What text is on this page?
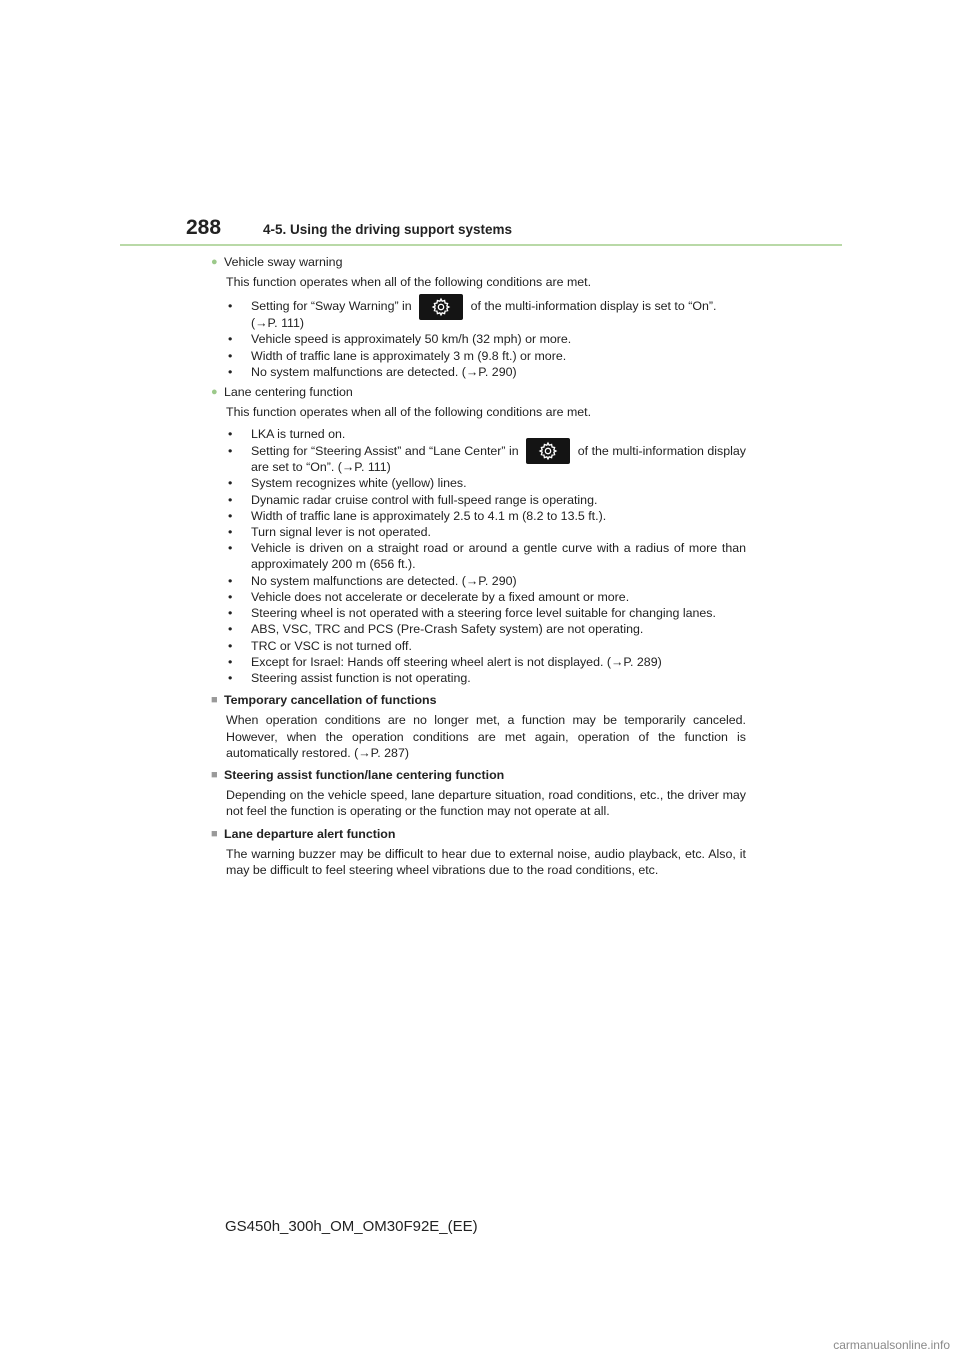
288	4-5. Using the driving support systems
● Vehicle sway warning
This function operates when all of the following conditions are met.
• Setting for “Sway Warning” in	of the multi-information display is set to “On”.
(→P. 111)
• Vehicle speed is approximately 50 km/h (32 mph) or more.
• Width of traffic lane is approximately 3 m (9.8 ft.) or more.
• No system malfunctions are detected. (→P. 290)
● Lane centering function
This function operates when all of the following conditions are met.
• LKA is turned on.
• Setting for “Steering Assist” and “Lane Center” in	of the multi-information display are set to “On”. (→P. 111)
• System recognizes white (yellow) lines.
• Dynamic radar cruise control with full-speed range is operating.
• Width of traffic lane is approximately 2.5 to 4.1 m (8.2 to 13.5 ft.).
• Turn signal lever is not operated.
• Vehicle is driven on a straight road or around a gentle curve with a radius of more than approximately 200 m (656 ft.).
• No system malfunctions are detected. (→P. 290)
• Vehicle does not accelerate or decelerate by a fixed amount or more.
• Steering wheel is not operated with a steering force level suitable for changing lanes.
• ABS, VSC, TRC and PCS (Pre-Crash Safety system) are not operating.
• TRC or VSC is not turned off.
• Except for Israel: Hands off steering wheel alert is not displayed. (→P. 289)
• Steering assist function is not operating.
■ Temporary cancellation of functions
When operation conditions are no longer met, a function may be temporarily canceled. However, when the operation conditions are met again, operation of the function is automatically restored. (→P. 287)
■ Steering assist function/lane centering function
Depending on the vehicle speed, lane departure situation, road conditions, etc., the driver may not feel the function is operating or the function may not operate at all.
■ Lane departure alert function
The warning buzzer may be difficult to hear due to external noise, audio playback, etc. Also, it may be difficult to feel steering wheel vibrations due to the road conditions, etc.
GS450h_300h_OM_OM30F92E_(EE)
carmanualsonline.info
